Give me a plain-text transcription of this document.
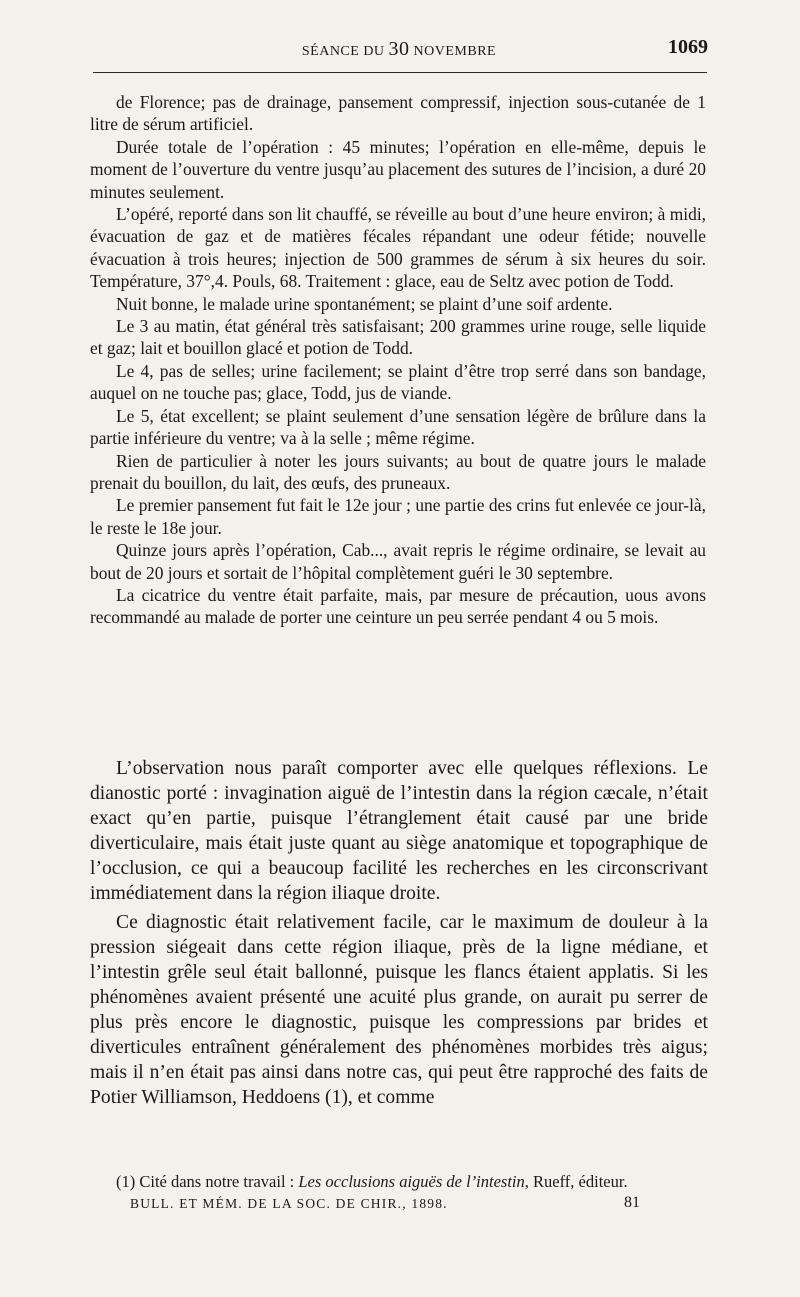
SÉANCE DU 30 NOVEMBRE	1069

de Florence; pas de drainage, pansement compressif, injection sous-cutanée de 1 litre de sérum artificiel.

Durée totale de l’opération : 45 minutes; l’opération en elle-même, depuis le moment de l’ouverture du ventre jusqu’au placement des sutures de l’incision, a duré 20 minutes seulement.

L’opéré, reporté dans son lit chauffé, se réveille au bout d’une heure environ; à midi, évacuation de gaz et de matières fécales répandant une odeur fétide; nouvelle évacuation à trois heures; injection de 500 grammes de sérum à six heures du soir. Température, 37°,4. Pouls, 68. Traitement : glace, eau de Seltz avec potion de Todd.

Nuit bonne, le malade urine spontanément; se plaint d’une soif ardente.

Le 3 au matin, état général très satisfaisant; 200 grammes urine rouge, selle liquide et gaz; lait et bouillon glacé et potion de Todd.

Le 4, pas de selles; urine facilement; se plaint d’être trop serré dans son bandage, auquel on ne touche pas; glace, Todd, jus de viande.

Le 5, état excellent; se plaint seulement d’une sensation légère de brûlure dans la partie inférieure du ventre; va à la selle ; même régime.

Rien de particulier à noter les jours suivants; au bout de quatre jours le malade prenait du bouillon, du lait, des œufs, des pruneaux.

Le premier pansement fut fait le 12e jour ; une partie des crins fut enlevée ce jour-là, le reste le 18e jour.

Quinze jours après l’opération, Cab..., avait repris le régime ordinaire, se levait au bout de 20 jours et sortait de l’hôpital complètement guéri le 30 septembre.

La cicatrice du ventre était parfaite, mais, par mesure de précaution, uous avons recommandé au malade de porter une ceinture un peu serrée pendant 4 ou 5 mois.

L’observation nous paraît comporter avec elle quelques réflexions. Le dianostic porté : invagination aiguë de l’intestin dans la région cæcale, n’était exact qu’en partie, puisque l’étranglement était causé par une bride diverticulaire, mais était juste quant au siège anatomique et topographique de l’occlusion, ce qui a beaucoup facilité les recherches en les circonscrivant immédiatement dans la région iliaque droite.

Ce diagnostic était relativement facile, car le maximum de douleur à la pression siégeait dans cette région iliaque, près de la ligne médiane, et l’intestin grêle seul était ballonné, puisque les flancs étaient applatis. Si les phénomènes avaient présenté une acuité plus grande, on aurait pu serrer de plus près encore le diagnostic, puisque les compressions par brides et diverticules entraînent généralement des phénomènes morbides très aigus; mais il n’en était pas ainsi dans notre cas, qui peut être rapproché des faits de Potier Williamson, Heddoens (1), et comme

(1) Cité dans notre travail : Les occlusions aiguës de l’intestin, Rueff, éditeur.
BULL. ET MÉM. DE LA SOC. DE CHIR., 1898.	81
